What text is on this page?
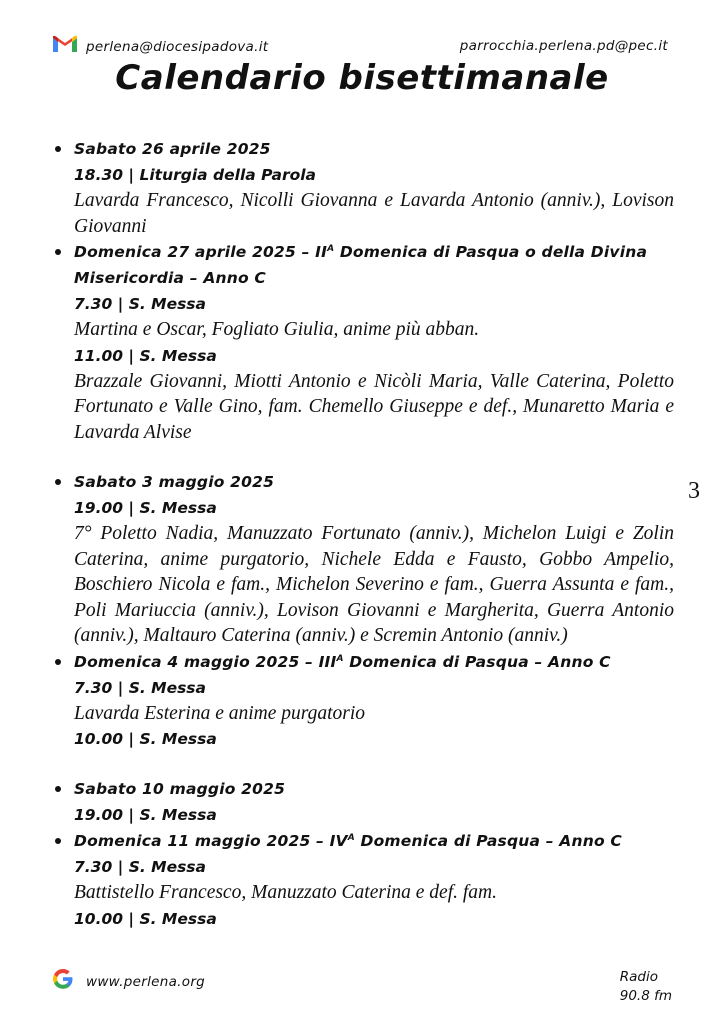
perlena@diocesipadova.it	parrocchia.perlena.pd@pec.it
Calendario bisettimanale
3
Sabato 26 aprile 2025
18.30 | Liturgia della Parola
Lavarda Francesco, Nicolli Giovanna e Lavarda Antonio (anniv.), Lovison Giovanni
Domenica 27 aprile $2025 - II^A$ Domenica di Pasqua o della Divina Misericordia – Anno C
7.30 | S. Messa
Martina e Oscar, Fogliato Giulia, anime più abban.
11.00 | S. Messa
Brazzale Giovanni, Miotti Antonio e Nicòli Maria, Valle Caterina, Poletto Fortunato e Valle Gino, fam. Chemello Giuseppe e def., Munaretto Maria e Lavarda Alvise
Sabato 3 maggio 2025
19.00 | S. Messa
7° Poletto Nadia, Manuzzato Fortunato (anniv.), Michelon Luigi e Zolin Caterina, anime purgatorio, Nichele Edda e Fausto, Gobbo Ampelio, Boschiero Nicola e fam., Michelon Severino e fam., Guerra Assunta e fam., Poli Mariuccia (anniv.), Lovison Giovanni e Margherita, Guerra Antonio (anniv.), Maltauro Caterina (anniv.) e Scremin Antonio (anniv.)
Domenica 4 maggio $2025 - III^A$ Domenica di Pasqua – Anno C
7.30 | S. Messa
Lavarda Esterina e anime purgatorio
10.00 | S. Messa
Sabato 10 maggio 2025
19.00 | S. Messa
Domenica 11 maggio $2025 - IV^A$ Domenica di Pasqua – Anno C
7.30 | S. Messa
Battistello Francesco, Manuzzato Caterina e def. fam.
10.00 | S. Messa
www.perlena.org	Radio
90.8 fm
